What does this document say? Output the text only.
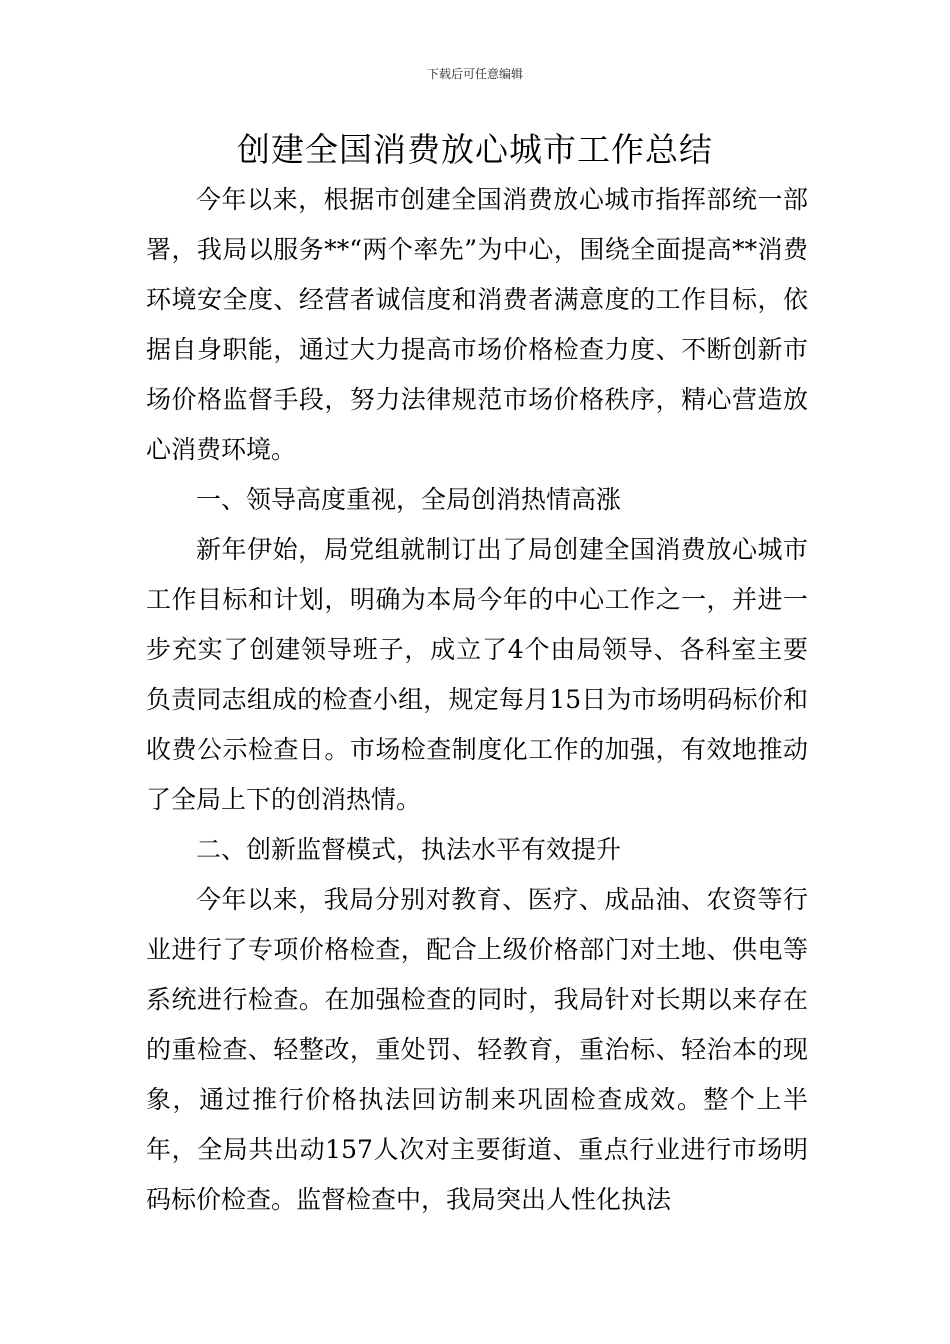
下载后可任意编辑
创建全国消费放心城市工作总结

今年以来，根据市创建全国消费放心城市指挥部统一部署，我局以服务**“两个率先”为中心，围绕全面提高**消费环境安全度、经营者诚信度和消费者满意度的工作目标，依据自身职能，通过大力提高市场价格检查力度、不断创新市场价格监督手段，努力法律规范市场价格秩序，精心营造放心消费环境。

一、领导高度重视，全局创消热情高涨

新年伊始，局党组就制订出了局创建全国消费放心城市工作目标和计划，明确为本局今年的中心工作之一，并进一步充实了创建领导班子，成立了4个由局领导、各科室主要负责同志组成的检查小组，规定每月15日为市场明码标价和收费公示检查日。市场检查制度化工作的加强，有效地推动了全局上下的创消热情。

二、创新监督模式，执法水平有效提升

今年以来，我局分别对教育、医疗、成品油、农资等行业进行了专项价格检查，配合上级价格部门对土地、供电等系统进行检查。在加强检查的同时，我局针对长期以来存在的重检查、轻整改，重处罚、轻教育，重治标、轻治本的现象，通过推行价格执法回访制来巩固检查成效。整个上半年，全局共出动157人次对主要街道、重点行业进行市场明码标价检查。监督检查中，我局突出人性化执法
